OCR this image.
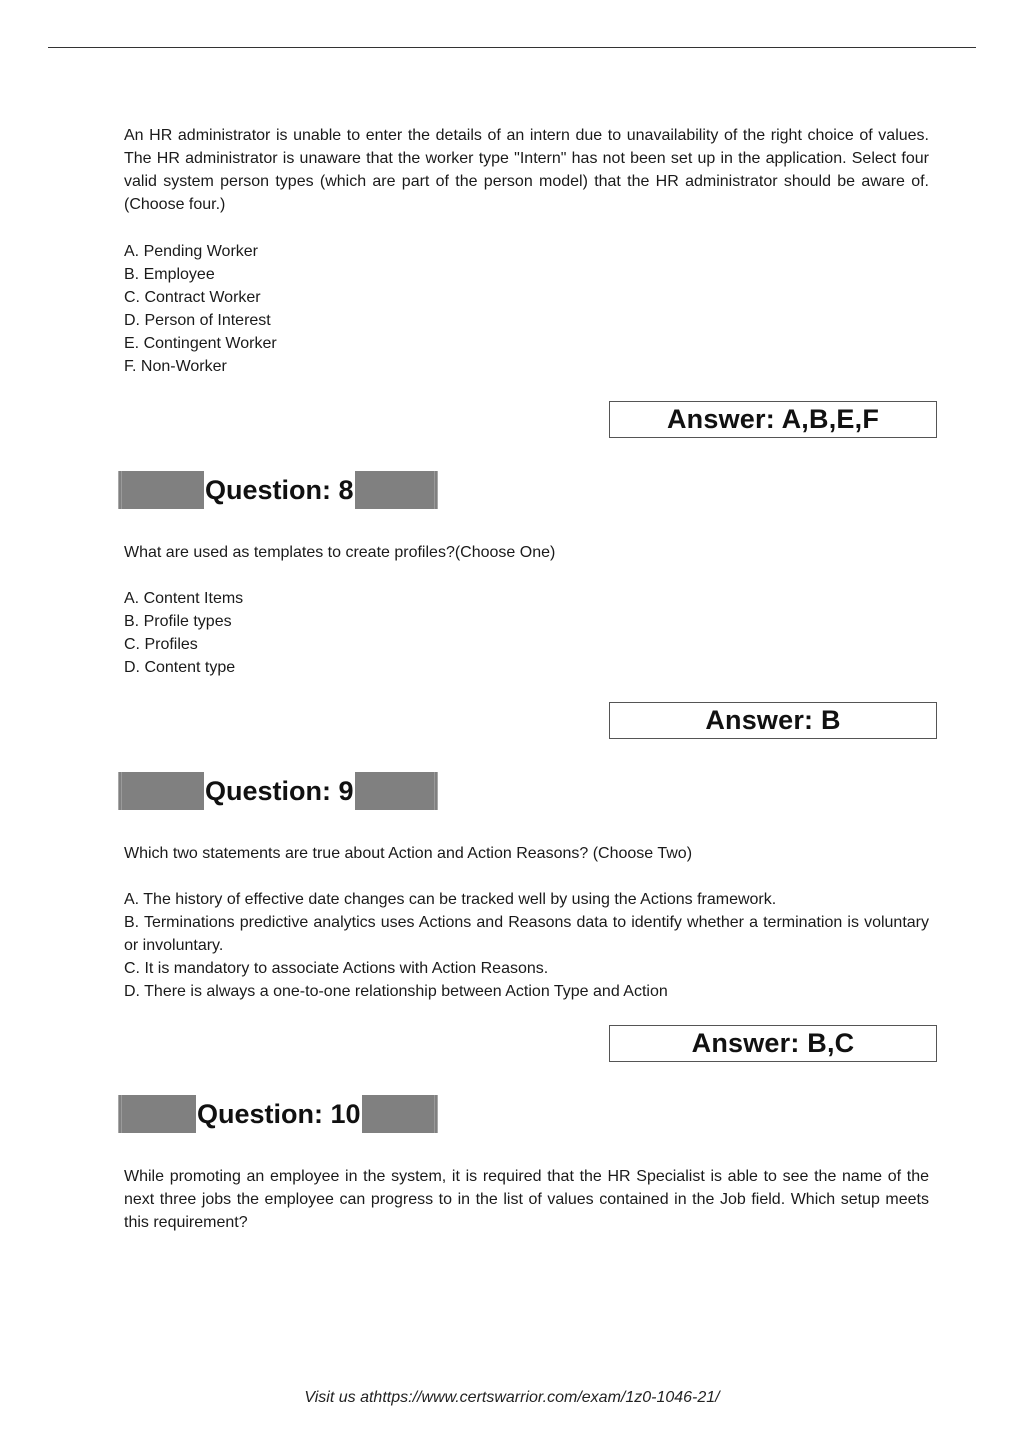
An HR administrator is unable to enter the details of an intern due to unavailability of the right choice of values. The HR administrator is unaware that the worker type "Intern" has not been set up in the application. Select four valid system person types (which are part of the person model) that the HR administrator should be aware of. (Choose four.)

A. Pending Worker
B. Employee
C. Contract Worker
D. Person of Interest
E. Contingent Worker
F. Non-Worker
Answer: A,B,E,F
Question: 8

What are used as templates to create profiles?(Choose One)

A. Content Items
B. Profile types
C. Profiles
D. Content type
Answer: B
Question: 9

Which two statements are true about Action and Action Reasons? (Choose Two)

A. The history of effective date changes can be tracked well by using the Actions framework.
B. Terminations predictive analytics uses Actions and Reasons data to identify whether a termination is voluntary or involuntary.
C. It is mandatory to associate Actions with Action Reasons.
D. There is always a one-to-one relationship between Action Type and Action
Answer: B,C
Question: 10

While promoting an employee in the system, it is required that the HR Specialist is able to see the name of the next three jobs the employee can progress to in the list of values contained in the Job field. Which setup meets this requirement?

Visit us athttps://www.certswarrior.com/exam/1z0-1046-21/
